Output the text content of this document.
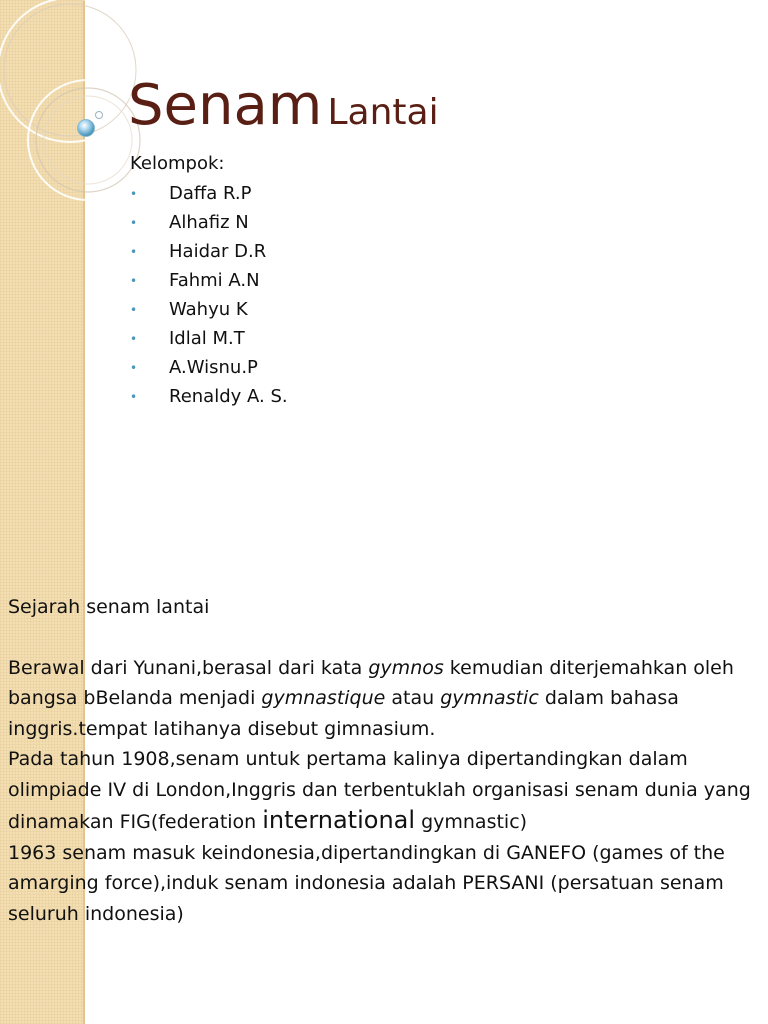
Senam Lantai
Kelompok:
•	Daffa R.P
•	Alhafiz N
•	Haidar D.R
•	Fahmi A.N
•	Wahyu K
•	Idlal M.T
•	A.Wisnu.P
•	Renaldy A. S.

Sejarah senam lantai

Berawal dari Yunani,berasal dari kata gymnos kemudian diterjemahkan oleh bangsa bBelanda menjadi gymnastique atau gymnastic dalam bahasa inggris.tempat latihanya disebut gimnasium.

Pada tahun 1908,senam untuk pertama kalinya dipertandingkan dalam olimpiade IV di London,Inggris dan terbentuklah organisasi senam dunia yang dinamakan FIG(federation international gymnastic)

1963 senam masuk keindonesia,dipertandingkan di GANEFO (games of the amarging force),induk senam indonesia adalah PERSANI (persatuan senam seluruh indonesia)
